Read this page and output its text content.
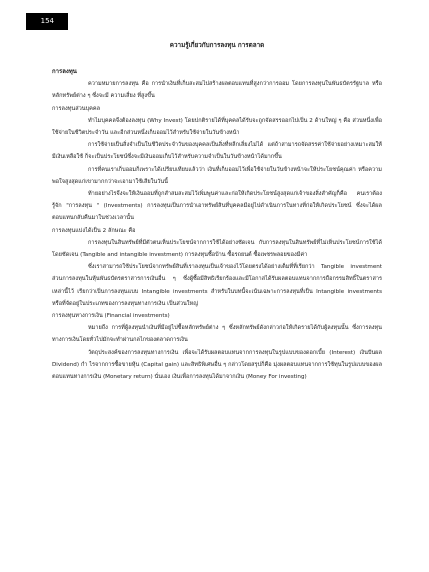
154

ความรู้เกี่ยวกับการลงทุน การตลาด

การลงทุน

ความหมายการลงทุน คือ การนำเงินที่เก็บสะสมไปสร้างผลตอบแทนที่สูงกว่าการออม โดยการลงทุนในพันธบัตรรัฐบาล หรือหลักทรัพย์ต่าง ๆ ซึ่งจะมี ความเสี่ยง ที่สูงขึ้น

การลงทุนส่วนบุคคล

ทำไมบุคคลจึงต้องลงทุน (Why Invest) โดยปกติรายได้ที่บุคคลได้รับจะถูกจัดสรรออกไปเป็น 2 ด้านใหญ่ ๆ คือ ส่วนหนึ่งเพื่อใช้จ่ายในชีวิตประจำวัน และอีกส่วนหนึ่งเก็บออมไว้สำหรับใช้จ่ายในวันข้างหน้า

การใช้จ่ายเป็นสิ่งจำเป็นในชีวิตประจำวันของบุคคลเป็นสิ่งที่หลีกเลี่ยงไม่ได้ แต่ถ้าสามารถจัดสรรค่าใช้จ่ายอย่างเหมาะสมให้มีเงินเหลือใช้ ก็จะเป็นประโยชน์ซึ่งจะมีเงินออมเก็บไว้สำหรับความจำเป็นในวันข้างหน้าได้มากขึ้น

การที่คนเราเก็บออมก็เพราะได้เปรียบเทียบแล้วว่า เงินที่เก็บออมไว้เพื่อใช้จ่ายในวันข้างหน้าจะให้ประโยชน์คุณค่า หรือความพอใจสูงสุดแก่เขามากกว่าจะเอามาใช้เสียในวันนี้

ท้ายอย่างไรจึงจะให้เงินออมที่ถูกสำสมสะสมไว้เพิ่มพูนค่าและก่อให้เกิดประโยชน์สูงสุดแก่เจ้าของสิ่งสำคัญก็คือ คนเราต้องรู้จัก "การลงทุน " (Investments) การลงทุนเป็นการนำเอาทรัพย์สินที่บุคคลมีอยู่ไปดำเนินการในทางที่ก่อให้เกิดประโยชน์ ซึ่งจะได้ผลตอบแทนกลับคืนมาในช่วงเวลานั้น

การลงทุนแบ่งได้เป็น 2 ลักษณะ คือ

การลงทุนในสินทรัพย์ที่มีตัวตนเห็นประโยชน์จากการใช้ได้อย่างชัดเจน กับการลงทุนในสินทรัพย์ที่ไม่เห็นประโยชน์การใช้ได้ โดยชัดเจน (Tangible and intangible investment) การลงทุนซื้อบ้าน ซื้อรถยนต์ ซื้อเพชรพลอยของมีค่า

ซึ่งเราสามารถใช้ประโยชน์จากทรัพย์สินที่เราลงทุนเป็นเจ้าของไว้โดยตรงได้อย่างเต็มที่ที่เรียกว่า Tangible investment ส่วนการลงทุนในหุ้นพันธบัตรตราสารการเงินอื่น ๆ ซึ่งผู้ซื้อมีสิทธิเรียกร้องและมีโอกาสได้รับผลตอบแทนจากการถือกรรมสิทธิ์ในตราสารเหล่านี้ไว้ เรียกว่าเป็นการลงทุนแบบ Intangible investments สำหรับในบทนี้จะเน้นเฉพาะการลงทุนที่เป็น Intangible investments หรือที่จัดอยู่ในประเภทของการลงทุนทางการเงิน เป็นส่วนใหญ่

การลงทุนทางการเงิน (Financial investments)

หมายถึง การที่ผู้ลงทุนนำเงินที่มีอยู่ไปซื้อหลักทรัพย์ต่าง ๆ ซึ่งหลักทรัพย์ดังกล่าวก่อให้เกิดรายได้กับผู้ลงทุนนั้น ซึ่งการลงทุนทางการเงินโดยทั่วไปมักจะทำผ่านกลไกของตลาดการเงิน

วัตถุประสงค์ของการลงทุนทางการเงิน เพื่อจะได้รับผลตอบแทนจากการลงทุนในรูปแบบของดอกเบี้ย (Interest) เงินปันผล Dividend) กำ ไรจากการซื้อขายหุ้น (Capital gain) และสิทธิพิเศษอื่น ๆ กล่าวโดยสรุปก็คือ มุ่งผลตอบแทนจากการใช้ทุนในรูปแบบของผลตอบแทนทางการเงิน (Monetary return) นั่นเอง เงินเพื่อการลงทุนได้มาจากเงิน (Money For investing)
